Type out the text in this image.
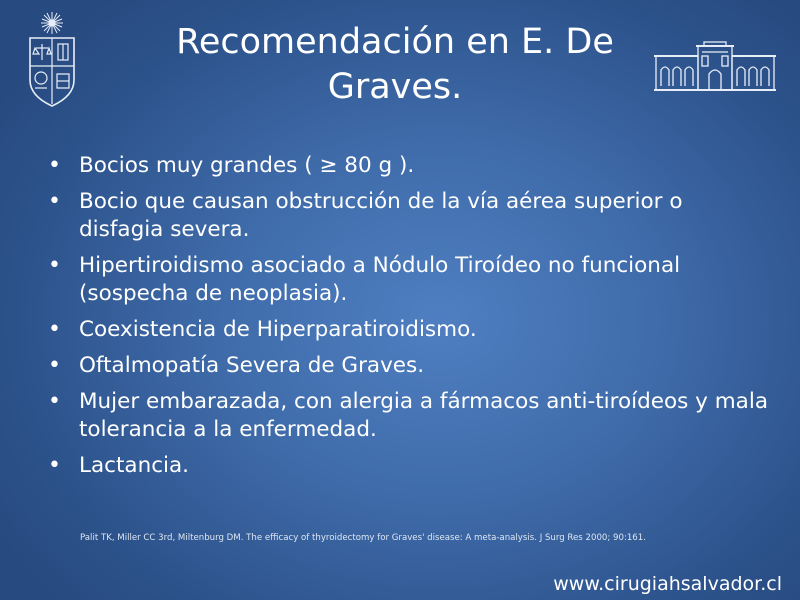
Recomendación en E. De
Graves.
• Bocios muy grandes ( ≥ 80 g ).
• Bocio que causan obstrucción de la vía aérea superior o disfagia severa.
• Hipertiroidismo asociado a Nódulo Tiroídeo no funcional (sospecha de neoplasia).
• Coexistencia de Hiperparatiroidismo.
• Oftalmopatía Severa de Graves.
• Mujer embarazada, con alergia a fármacos anti-tiroídeos y mala tolerancia a la enfermedad.
• Lactancia.
Palit TK, Miller CC 3rd, Miltenburg DM. The efficacy of thyroidectomy for Graves' disease: A meta-analysis. J Surg Res 2000; 90:161.
www.cirugiahsalvador.cl
